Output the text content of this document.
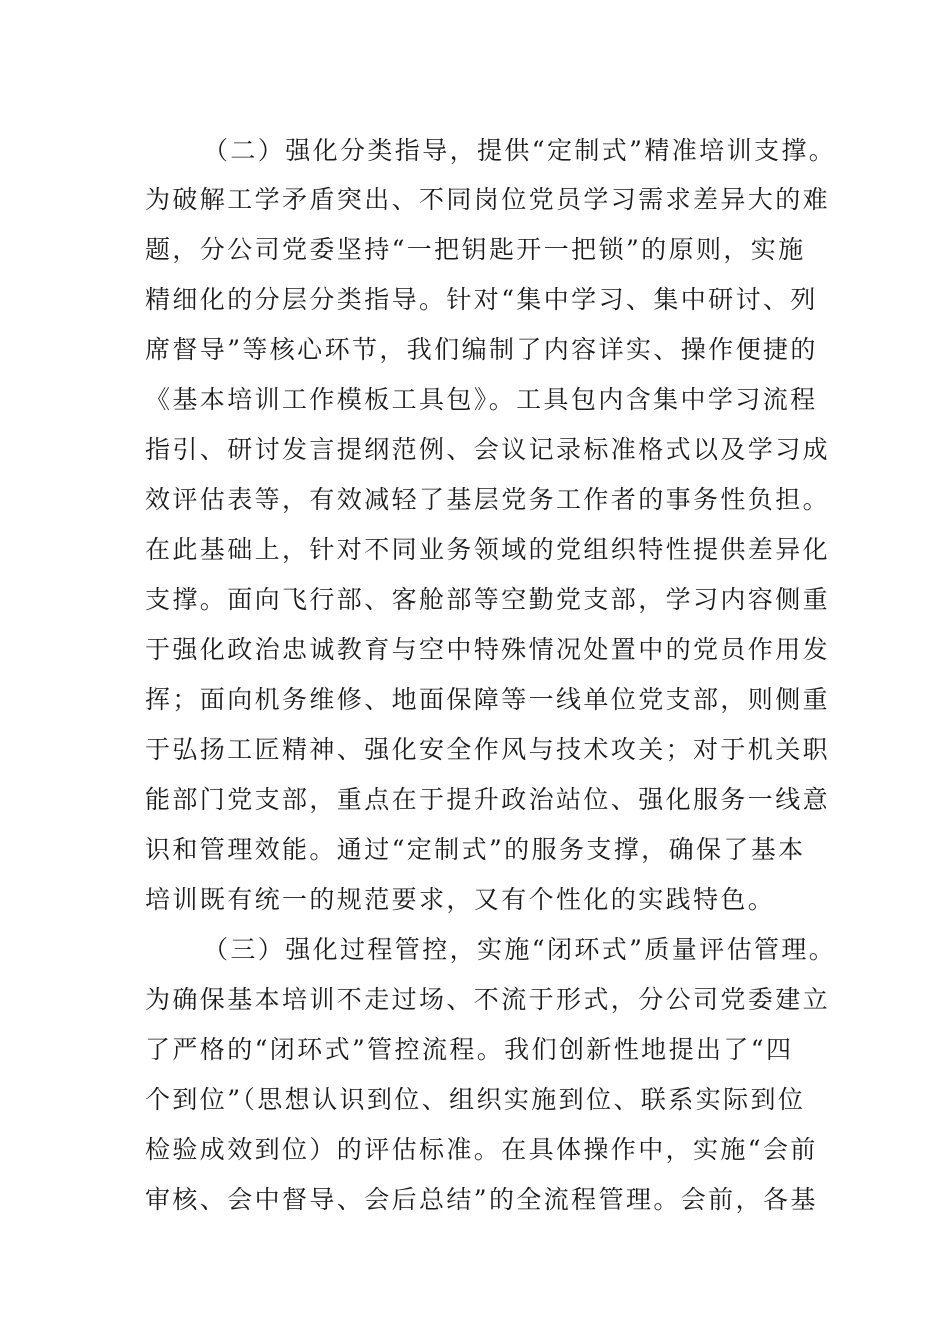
（二）强化分类指导，提供“定制式”精准培训支撑。

为破解工学矛盾突出、不同岗位党员学习需求差异大的难

题，分公司党委坚持“一把钥匙开一把锁”的原则，实施

精细化的分层分类指导。针对“集中学习、集中研讨、列

席督导”等核心环节，我们编制了内容详实、操作便捷的

《基本培训工作模板工具包》。工具包内含集中学习流程

指引、研讨发言提纲范例、会议记录标准格式以及学习成

效评估表等，有效减轻了基层党务工作者的事务性负担。

在此基础上，针对不同业务领域的党组织特性提供差异化

支撑。面向飞行部、客舱部等空勤党支部，学习内容侧重

于强化政治忠诚教育与空中特殊情况处置中的党员作用发

挥；面向机务维修、地面保障等一线单位党支部，则侧重

于弘扬工匠精神、强化安全作风与技术攻关；对于机关职

能部门党支部，重点在于提升政治站位、强化服务一线意

识和管理效能。通过“定制式”的服务支撑，确保了基本

培训既有统一的规范要求，又有个性化的实践特色。

（三）强化过程管控，实施“闭环式”质量评估管理。

为确保基本培训不走过场、不流于形式，分公司党委建立

了严格的“闭环式”管控流程。我们创新性地提出了“四

个到位”（思想认识到位、组织实施到位、联系实际到位

检验成效到位）的评估标准。在具体操作中，实施“会前

审核、会中督导、会后总结”的全流程管理。会前，各基
